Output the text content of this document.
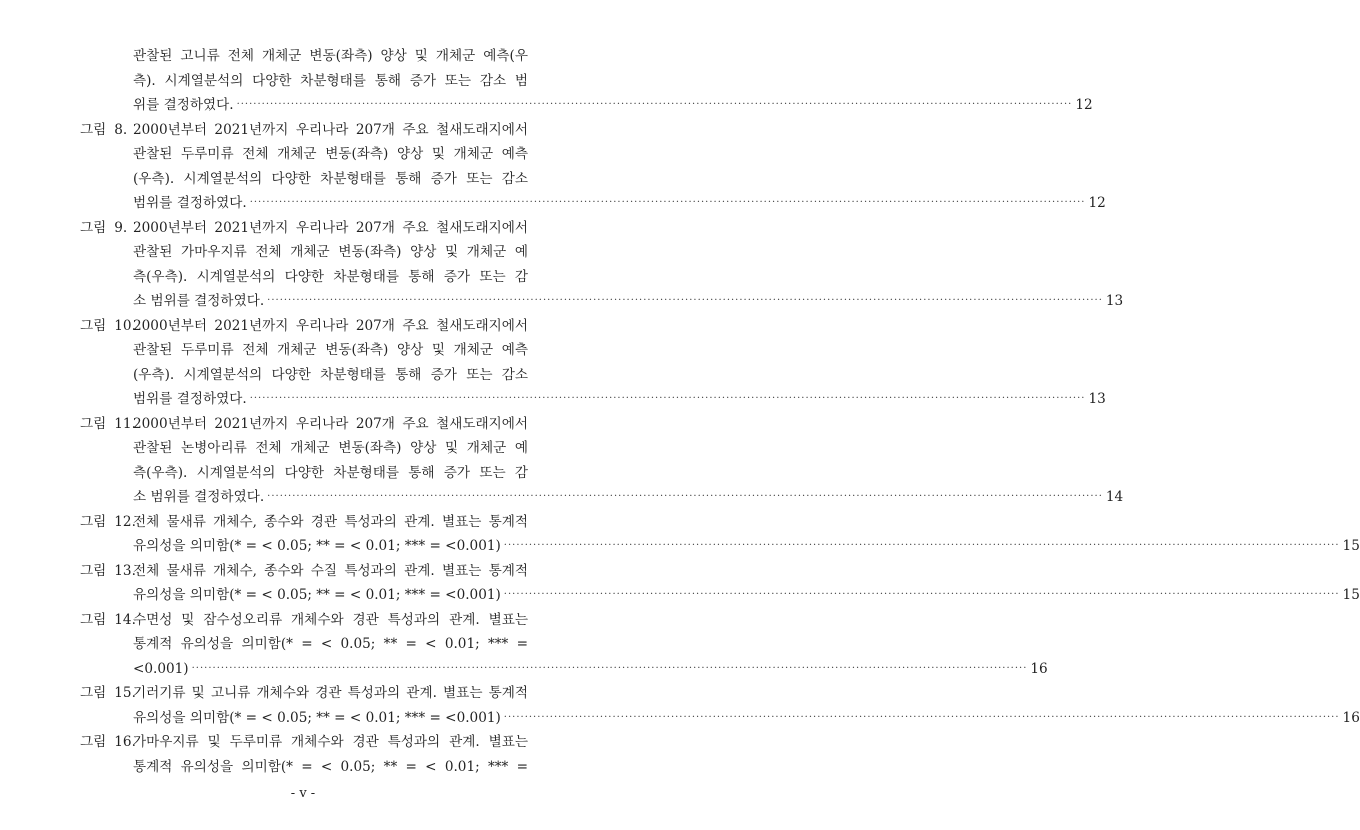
관찰된 고니류 전체 개체군 변동(좌측) 양상 및 개체군 예측(우
측). 시계열분석의 다양한 차분형태를 통해 증가 또는 감소 범
위를 결정하였다. ········································································································································································································ 12
그림 8. 2000년부터 2021년까지 우리나라 207개 주요 철새도래지에서
관찰된 두루미류 전체 개체군 변동(좌측) 양상 및 개체군 예측
(우측). 시계열분석의 다양한 차분형태를 통해 증가 또는 감소
범위를 결정하였다. ········································································································································································································ 12
그림 9. 2000년부터 2021년까지 우리나라 207개 주요 철새도래지에서
관찰된 가마우지류 전체 개체군 변동(좌측) 양상 및 개체군 예
측(우측). 시계열분석의 다양한 차분형태를 통해 증가 또는 감
소 범위를 결정하였다. ········································································································································································································ 13
그림 10.
2000년부터 2021년까지 우리나라 207개 주요 철새도래지에서
관찰된 두루미류 전체 개체군 변동(좌측) 양상 및 개체군 예측
(우측). 시계열분석의 다양한 차분형태를 통해 증가 또는 감소
범위를 결정하였다. ········································································································································································································ 13
그림 11.
2000년부터 2021년까지 우리나라 207개 주요 철새도래지에서
관찰된 논병아리류 전체 개체군 변동(좌측) 양상 및 개체군 예
측(우측). 시계열분석의 다양한 차분형태를 통해 증가 또는 감
소 범위를 결정하였다. ········································································································································································································ 14
그림 12.
전체 물새류 개체수, 종수와 경관 특성과의 관계. 별표는 통계적
유의성을 의미함(* = < 0.05; ** = < 0.01; *** = <0.001) ········································································································································································································ 15
그림 13.
전체 물새류 개체수, 종수와 수질 특성과의 관계. 별표는 통계적
유의성을 의미함(* = < 0.05; ** = < 0.01; *** = <0.001) ········································································································································································································ 15
그림 14.
수면성 및 잠수성오리류 개체수와 경관 특성과의 관계. 별표는
통계적 유의성을 의미함(* = < 0.05; ** = < 0.01; *** =
<0.001) ········································································································································································································ 16
그림 15.
기러기류 및 고니류 개체수와 경관 특성과의 관계. 별표는 통계적
유의성을 의미함(* = < 0.05; ** = < 0.01; *** = <0.001) ········································································································································································································ 16
그림 16.
가마우지류 및 두루미류 개체수와 경관 특성과의 관계. 별표는
통계적 유의성을 의미함(* = < 0.05; ** = < 0.01; *** =
- v -
